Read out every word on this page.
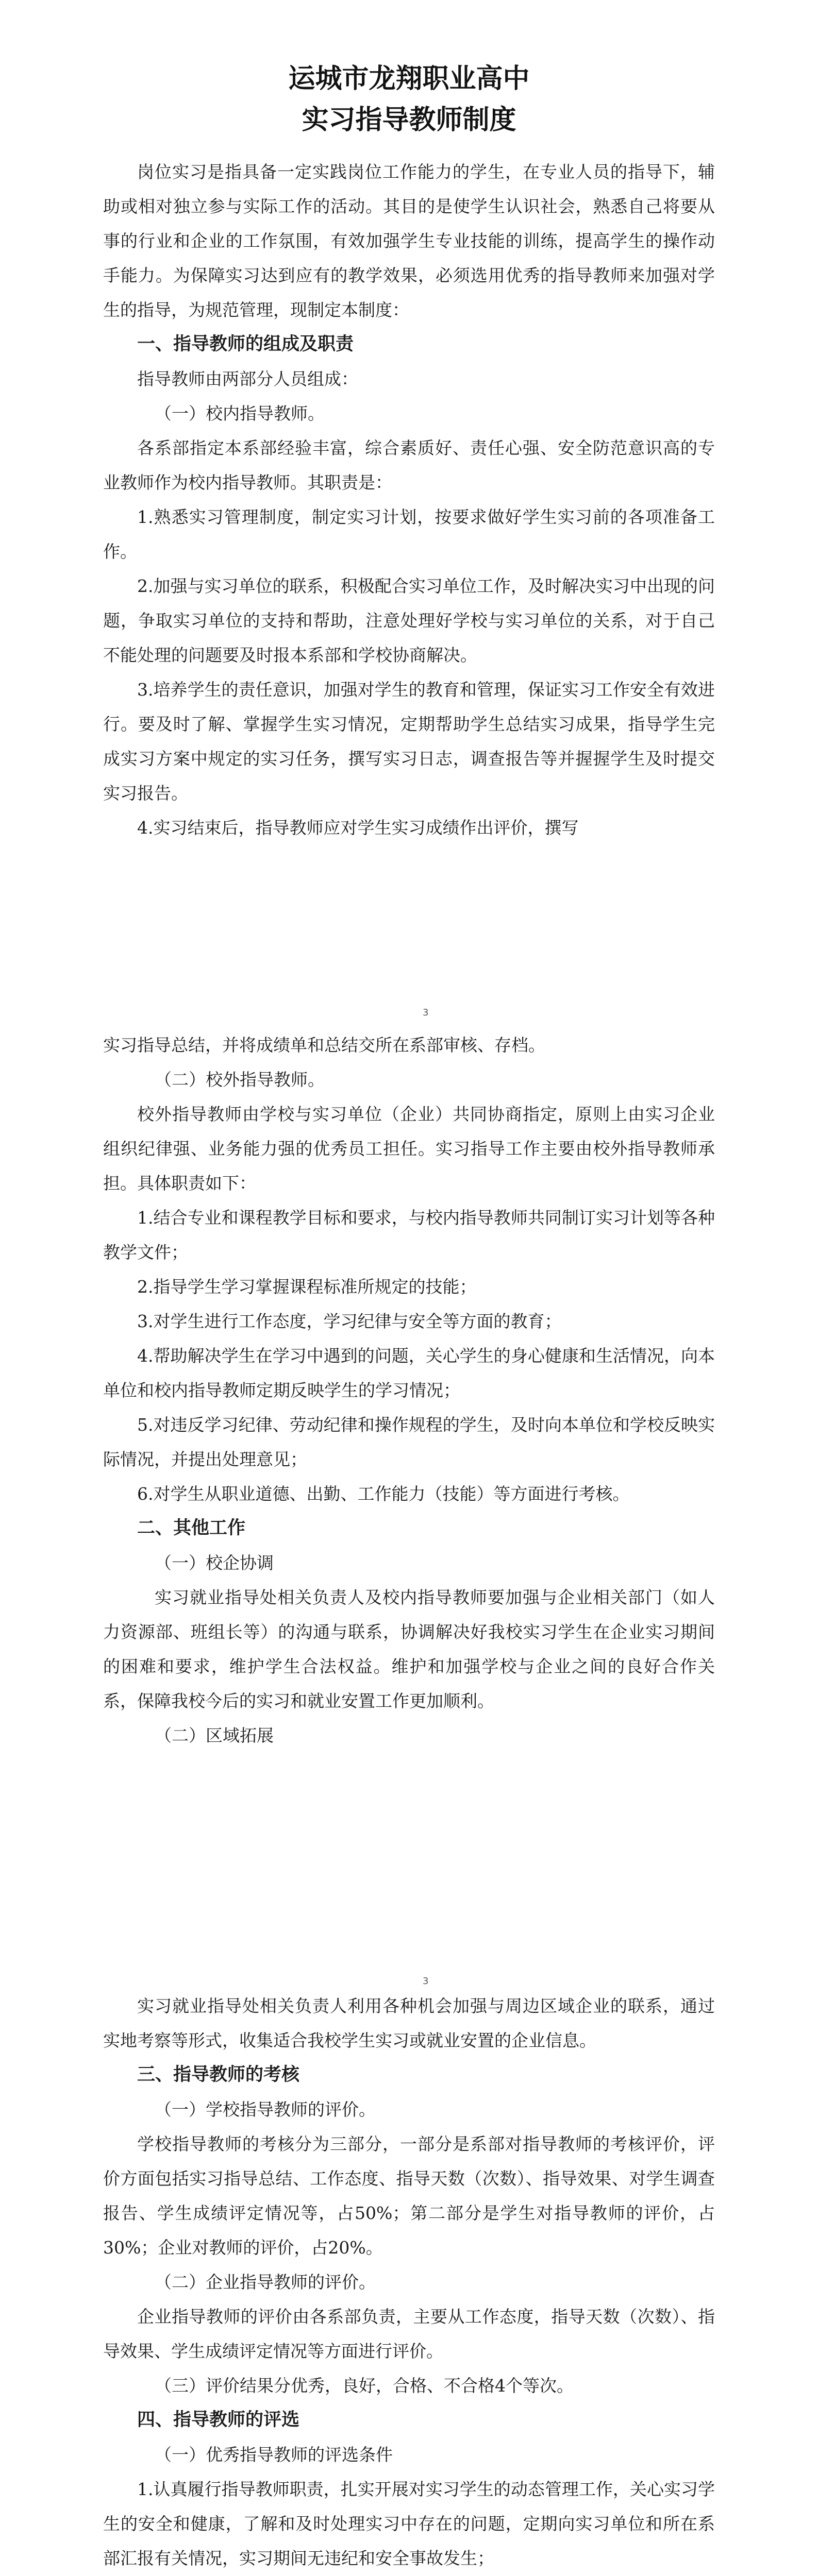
运城市龙翔职业高中
实习指导教师制度

岗位实习是指具备一定实践岗位工作能力的学生，在专业人员的指导下，辅助或相对独立参与实际工作的活动。其目的是使学生认识社会，熟悉自己将要从事的行业和企业的工作氛围，有效加强学生专业技能的训练，提高学生的操作动手能力。为保障实习达到应有的教学效果，必须选用优秀的指导教师来加强对学生的指导，为规范管理，现制定本制度：

一、指导教师的组成及职责

指导教师由两部分人员组成：

（一）校内指导教师。

各系部指定本系部经验丰富，综合素质好、责任心强、安全防范意识高的专业教师作为校内指导教师。其职责是：

1.熟悉实习管理制度，制定实习计划，按要求做好学生实习前的各项准备工作。

2.加强与实习单位的联系，积极配合实习单位工作，及时解决实习中出现的问题，争取实习单位的支持和帮助，注意处理好学校与实习单位的关系，对于自己不能处理的问题要及时报本系部和学校协商解决。

3.培养学生的责任意识，加强对学生的教育和管理，保证实习工作安全有效进行。要及时了解、掌握学生实习情况，定期帮助学生总结实习成果，指导学生完成实习方案中规定的实习任务，撰写实习日志，调查报告等并握握学生及时提交实习报告。

4.实习结束后，指导教师应对学生实习成绩作出评价，撰写

3

实习指导总结，并将成绩单和总结交所在系部审核、存档。

（二）校外指导教师。

校外指导教师由学校与实习单位（企业）共同协商指定，原则上由实习企业组织纪律强、业务能力强的优秀员工担任。实习指导工作主要由校外指导教师承担。具体职责如下：

1.结合专业和课程教学目标和要求，与校内指导教师共同制订实习计划等各种教学文件；

2.指导学生学习掌握课程标准所规定的技能；

3.对学生进行工作态度，学习纪律与安全等方面的教育；

4.帮助解决学生在学习中遇到的问题，关心学生的身心健康和生活情况，向本单位和校内指导教师定期反映学生的学习情况；

5.对违反学习纪律、劳动纪律和操作规程的学生，及时向本单位和学校反映实际情况，并提出处理意见；

6.对学生从职业道德、出勤、工作能力（技能）等方面进行考核。

二、其他工作

（一）校企协调

实习就业指导处相关负责人及校内指导教师要加强与企业相关部门（如人力资源部、班组长等）的沟通与联系，协调解决好我校实习学生在企业实习期间的困难和要求，维护学生合法权益。维护和加强学校与企业之间的良好合作关系，保障我校今后的实习和就业安置工作更加顺利。

（二）区域拓展

3

实习就业指导处相关负责人利用各种机会加强与周边区域企业的联系，通过实地考察等形式，收集适合我校学生实习或就业安置的企业信息。

三、指导教师的考核

（一）学校指导教师的评价。

学校指导教师的考核分为三部分，一部分是系部对指导教师的考核评价，评价方面包括实习指导总结、工作态度、指导天数（次数）、指导效果、对学生调查报告、学生成绩评定情况等，占50%；第二部分是学生对指导教师的评价，占30%；企业对教师的评价，占20%。

（二）企业指导教师的评价。

企业指导教师的评价由各系部负责，主要从工作态度，指导天数（次数）、指导效果、学生成绩评定情况等方面进行评价。

（三）评价结果分优秀，良好，合格、不合格4个等次。

四、指导教师的评选

（一）优秀指导教师的评选条件

1.认真履行指导教师职责，扎实开展对实习学生的动态管理工作，关心实习学生的安全和健康，了解和及时处理实习中存在的问题，定期向实习单位和所在系部汇报有关情况，实习期间无违纪和安全事故发生；
